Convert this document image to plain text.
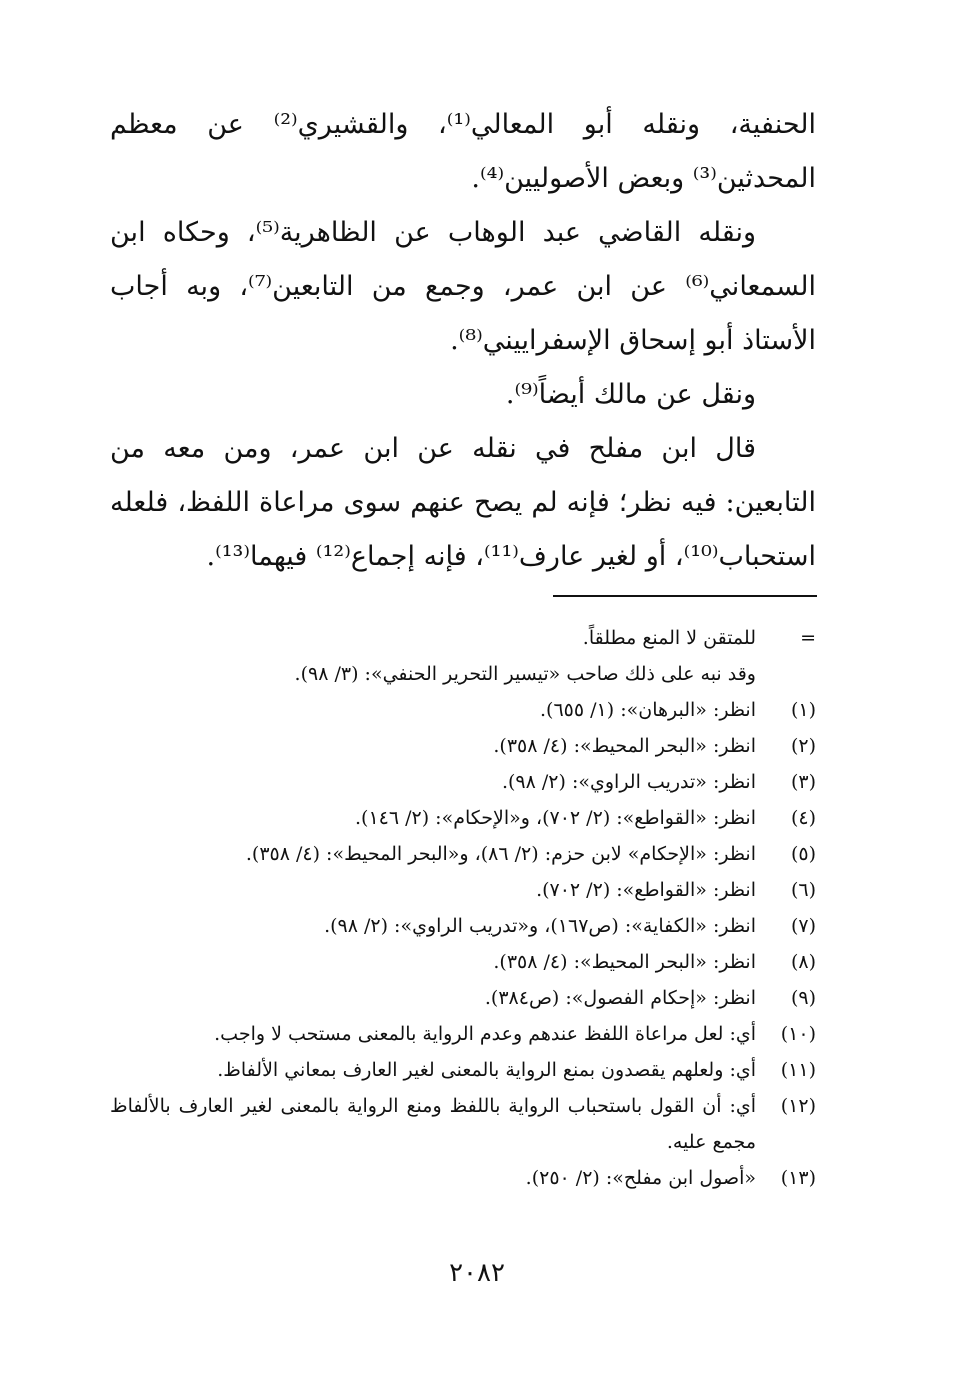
الحنفية، ونقله أبو المعالي⁽¹⁾، والقشيري⁽²⁾ عن معظم المحدثين⁽³⁾ وبعض الأصوليين⁽⁴⁾.

ونقله القاضي عبد الوهاب عن الظاهرية⁽⁵⁾، وحكاه ابن السمعاني⁽⁶⁾ عن ابن عمر، وجمع من التابعين⁽⁷⁾، وبه أجاب الأستاذ أبو إسحاق الإسفراييني⁽⁸⁾.

ونقل عن مالك أيضاً⁽⁹⁾.

قال ابن مفلح في نقله عن ابن عمر، ومن معه من التابعين: فيه نظر؛ فإنه لم يصح عنهم سوى مراعاة اللفظ، فلعله استحباب⁽¹⁰⁾، أو لغير عارف⁽¹¹⁾، فإنه إجماع⁽¹²⁾ فيهما⁽¹³⁾.

=
للمتقن لا المنع مطلقاً.
وقد نبه على ذلك صاحب «تيسير التحرير الحنفي»: (٣/ ٩٨).
(١)
انظر: «البرهان»: (١/ ٦٥٥).
(٢)
انظر: «البحر المحيط»: (٤/ ٣٥٨).
(٣)
انظر: «تدريب الراوي»: (٢/ ٩٨).
(٤)
انظر: «القواطع»: (٢/ ٧٠٢)، و«الإحكام»: (٢/ ١٤٦).
(٥)
انظر: «الإحكام» لابن حزم: (٢/ ٨٦)، و«البحر المحيط»: (٤/ ٣٥٨).
(٦)
انظر: «القواطع»: (٢/ ٧٠٢).
(٧)
انظر: «الكفاية»: (ص١٦٧)، و«تدريب الراوي»: (٢/ ٩٨).
(٨)
انظر: «البحر المحيط»: (٤/ ٣٥٨).
(٩)
انظر: «إحكام الفصول»: (ص٣٨٤).
(١٠)
أي: لعل مراعاة اللفظ عندهم وعدم الرواية بالمعنى مستحب لا واجب.
(١١)
أي: ولعلهم يقصدون بمنع الرواية بالمعنى لغير العارف بمعاني الألفاظ.
(١٢)
أي: أن القول باستحباب الرواية باللفظ ومنع الرواية بالمعنى لغير العارف بالألفاظ مجمع عليه.
(١٣)
«أصول ابن مفلح»: (٢/ ٢٥٠).
٢٠٨٢
